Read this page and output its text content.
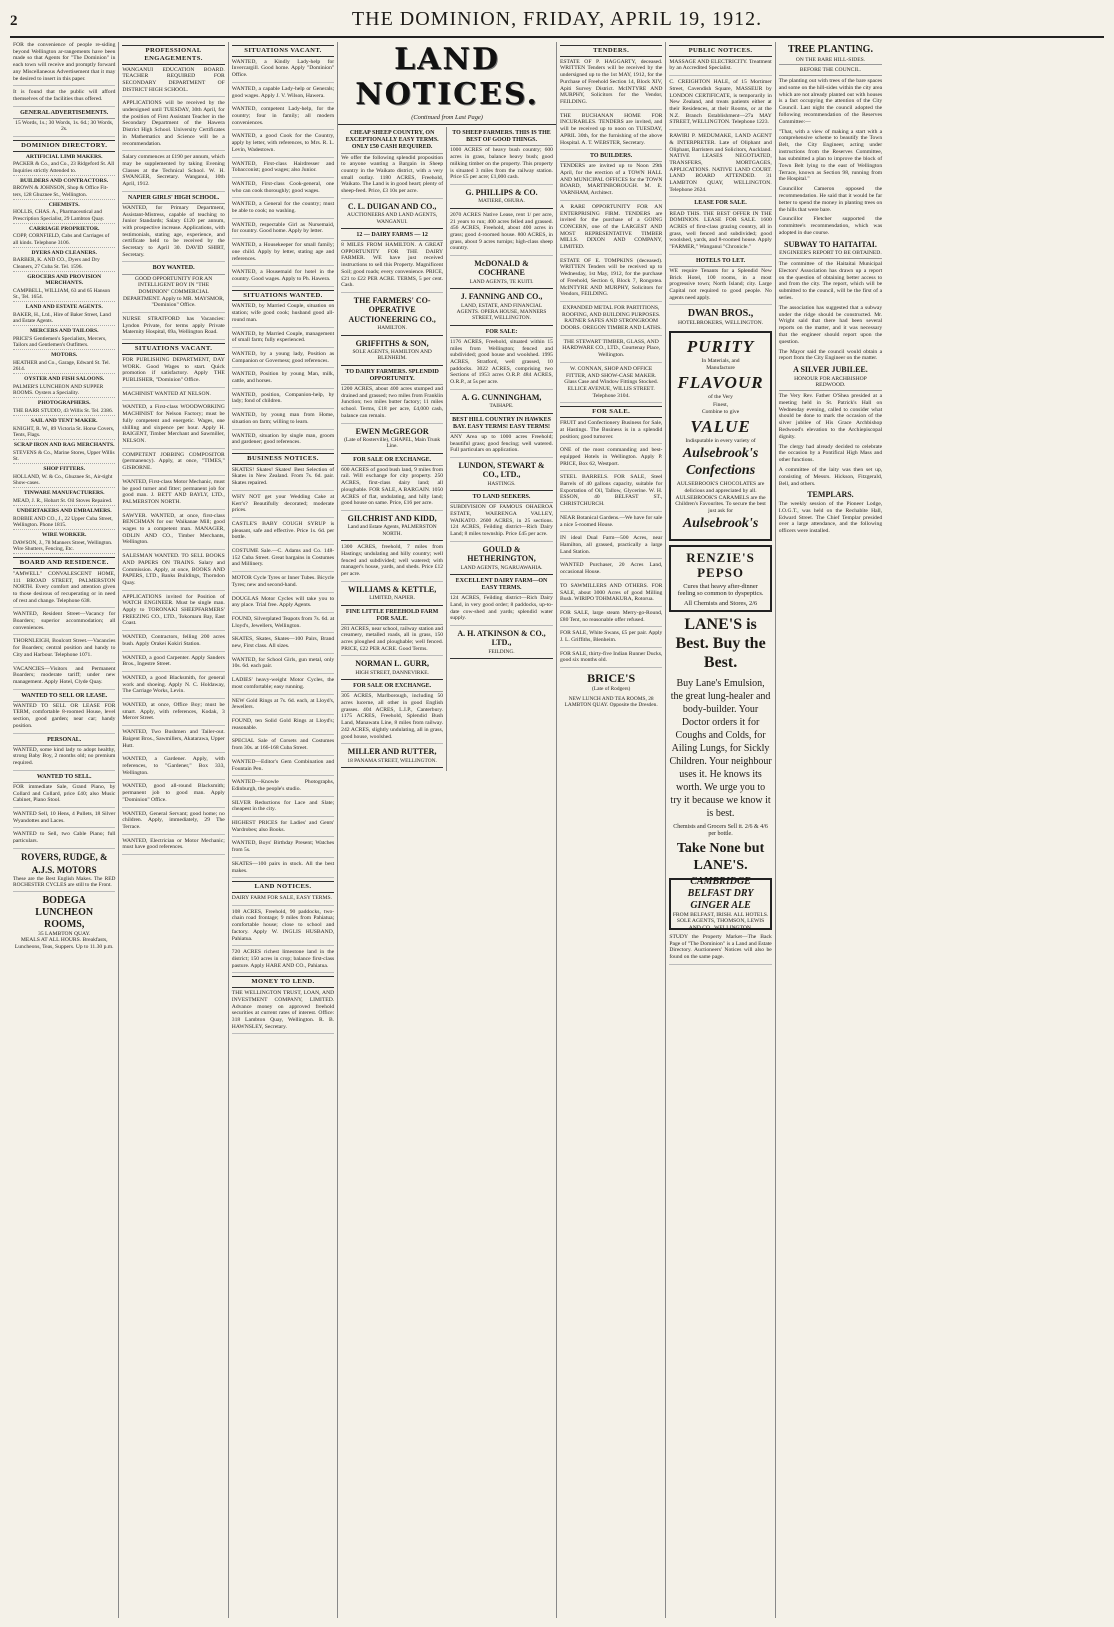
2	THE DOMINION, FRIDAY, APRIL 19, 1912.
FOR the convenience of people re-siding beyond Wellington ar-rangements have been made so that Agents for "The Dominion" in each town will receive and promptly forward any Miscellaneous Advertisement that it may be desired to insert in this paper.
It is found that the public will afford themselves of the facilities thus offered.
GENERAL ADVERTISEMENTS.
15 Words, 1s.; 30 Words, 1s. 6d.; 30 Words, 2s.
DOMINION DIRECTORY.
ARTIFICIAL LIMB MAKERS.
PACKER & Co., and Co., 23 Ridgeford St. All Inquiries strictly Attended to.
BUILDERS AND CONTRACTORS.
BROWN & JOHNSON, Shop & Office Fit-ters, 128 Ghuznee St., Wellington.
CHEMISTS.
HOLLIS, CHAS. A., Pharmaceutical and Prescription Specialist, 29 Lambton Quay.
CARRIAGE PROPRIETOR.
COPP, CORNFIELD, Cabs and Carriages of all kinds. Telephone 3106.
DYERS AND CLEANERS.
BARBER, K. AND CO., Dyers and Dry Cleaners, 27 Cuba St. Tel. 1596.
GROCERS AND PROVISION MERCHANTS.
CAMPBELL, WILLIAM, 63 and 65 Hanson St., Tel. 1654.
LAND AND ESTATE AGENTS.
BAKER, H., Ltd., Hire of Baker Street, Land and Estate Agents.
MERCERS AND TAILORS.
PRICE'S Gentlemen's Specialists, Mercers, Tailors and Gentlemen's Outfitters.
MOTORS.
HEATHER and Co., Garage, Edward St. Tel. 2614.
OYSTER AND FISH SALOONS.
PALMER'S LUNCHEON AND SUPPER ROOMS. Oysters a Speciality.
PHOTOGRAPHERS.
THE BARR STUDIO, 43 Willis St. Tel. 2386.
SAIL AND TENT MAKER.
KNIGHT, R. W., 89 Victoria St. Horse Covers, Tents, Flags.
SCRAP IRON AND RAG MERCHANTS.
STEVENS & Co., Marine Stores, Upper Willis St.
SHOP FITTERS.
HOLLAND, W. & Co., Ghuznee St., Air-tight Show-cases.
TINWARE MANUFACTURERS.
MEAD, J. R., Hobart St. Oil Stoves Repaired.
UNDERTAKERS AND EMBALMERS.
ROBBIE AND CO., J., 22 Upper Cuba Street, Wellington. Phone 1815.
WIRE WORKER.
DAWSON, J., 78 Manners Street, Wellington. Wire Shutters, Fencing, Etc.
BOARD AND RESIDENCE.
"AMWELL" CONVALESCENT HOME, 111 BROAD STREET, PALMERSTON NORTH. Every comfort and attention given to those desirous of recuperating or in need of rest and change. Telephone 638.
WANTED, Resident Street—Vacancy for Boarders; superior accommodation; all conveniences.
THORNLEIGH, Boulcott Street.—Vacancies for Boarders; central position and handy to City and Harbour. Telephone 1071.
VACANCIES—Visitors and Permanent Boarders; moderate tariff; under new management. Apply Hotel, Clyde Quay.
WANTED TO SELL OR LEASE.
WANTED TO SELL OR LEASE FOR TERM, comfortable 8-roomed House, level section, good garden; near car; handy position.
PERSONAL.
WANTED, some kind lady to adopt healthy, strong Baby Boy, 2 months old; no premium required.
WANTED TO SELL.
FOR immediate Sale, Grand Piano, by Collard and Collard, price £40; also Music Cabinet, Piano Stool.
WANTED Sell, 10 Hens, 4 Pullets, 18 Silver Wyandottes and Laces.
WANTED to Sell, two Cable Piano; full particulars.
ROVERS, RUDGE, &
A.J.S. MOTORS
These are the Best English Makes. The RED ROCHESTER CYCLES are still to the Front.
BODEGA LUNCHEON
ROOMS,
35 LAMBTON QUAY.
MEALS AT ALL HOURS. Breakfasts, Luncheons, Teas, Suppers. Up to 11.30 p.m.
PROFESSIONAL ENGAGEMENTS.
WANGANUI EDUCATION BOARD. TEACHER REQUIRED FOR SECONDARY DEPARTMENT OF DISTRICT HIGH SCHOOL.
APPLICATIONS will be received by the undersigned until TUESDAY, 30th April, for the position of First Assistant Teacher in the Secondary Department of the Hawera District High School. University Certificates in Mathematics and Science will be a recommendation.
Salary commences at £190 per annum, which may be supplemented by taking Evening Classes at the Technical School. W. H. SWANGER, Secretary. Wanganui, 10th April, 1912.
NAPIER GIRLS' HIGH SCHOOL.
WANTED, for Primary Department, Assistant-Mistress, capable of teaching to Junior Standards; Salary £120 per annum, with prospective increase. Applications, with testimonials, stating age, experience, and certificate held to be received by the Secretary to April 30. DAVID SHIRT, Secretary.
BOY WANTED.
GOOD OPPORTUNITY FOR AN INTELLIGENT BOY IN "THE DOMINION" COMMERCIAL DEPARTMENT. Apply to MR. MAYSMOR, "Dominion" Office.
NURSE STRATFORD has Vacancies: Lyndon Private, for terms apply Private Maternity Hospital, 69a, Wellington Road.
SITUATIONS VACANT.
FOR PUBLISHING DEPARTMENT, DAY WORK. Good Wages to start. Quick promotion if satisfactory. Apply THE PUBLISHER, "Dominion" Office.
MACHINIST WANTED AT NELSON.
WANTED, a First-class WOODWORKING MACHINIST for Nelson Factory; must be fully competent and energetic. Wages, one shilling and sixpence per hour. Apply H. BAIGENT, Timber Merchant and Sawmiller, NELSON.
COMPETENT JOBBING COMPOSITOR (permanency). Apply, at once, "TIMES," GISBORNE.
WANTED, First-class Motor Mechanic, must be good turner and fitter; permanent job for good man. J. BETT AND BAYLY, LTD., PALMERSTON NORTH.
SAWYER. WANTED, at once, first-class BENCHMAN for our Waikanae Mill; good wages to a competent man. MANAGER, ODLIN AND CO., Timber Merchants, Wellington.
SALESMAN WANTED. TO SELL BOOKS AND PAPERS ON TRAINS. Salary and Commission. Apply, at once, BOOKS AND PAPERS, LTD., Banks Buildings, Thorndon Quay.
APPLICATIONS invited for Position of WATCH ENGINEER. Must be single man. Apply to TORONAKI SHEEPFARMERS' FREEZING CO., LTD., Tokomaru Bay, East Coast.
WANTED, Contractors, felling 200 acres bush. Apply Orakei Kokiri Station.
WANTED, a good Carpenter. Apply Sanders Bros., Ingestre Street.
WANTED, a good Blacksmith, for general work and shoeing. Apply N. C. Holdaway, The Carriage Works, Levin.
WANTED, at once, Office Boy; must be smart. Apply, with references, Kodak, 3 Mercer Street.
WANTED, Two Bushmen and Tailer-out. Baigent Bros., Sawmillers, Akatarawa, Upper Hutt.
WANTED, a Gardener. Apply, with references, to "Gardener," Box 333, Wellington.
WANTED, good all-round Blacksmith; permanent job to good man. Apply "Dominion" Office.
WANTED, General Servant; good home; no children. Apply, immediately, 29 The Terrace.
WANTED, Electrician or Motor Mechanic; must have good references.
SITUATIONS VACANT.
WANTED, a Kindly Lady-help for Invercargill. Good home. Apply "Dominion" Office.
WANTED, a capable Lady-help or Generals; good wages. Apply J. V. Wilson, Hawera.
WANTED, competent Lady-help, for the country; four in family; all modern conveniences.
WANTED, a good Cook for the Country, apply by letter, with references, to Mrs. R. L. Levin, Wadestown.
WANTED, First-class Hairdresser and Tobacconist; good wages; also Junior.
WANTED, First-class Cook-general, one who can cook thoroughly; good wages.
WANTED, a General for the country; must be able to cook; no washing.
WANTED, respectable Girl as Nursemaid, for country. Good home. Apply by letter.
WANTED, a Housekeeper for small family; one child. Apply by letter, stating age and references.
WANTED, a Housemaid for hotel in the country. Good wages. Apply to Ph. Hawera.
SITUATIONS WANTED.
WANTED, by Married Couple, situation on station; wife good cook; husband good all-round man.
WANTED, by Married Couple, management of small farm; fully experienced.
WANTED, by a young lady, Position as Companion or Governess; good references.
WANTED, Position by young Man, milk, cattle, and horses.
WANTED, position, Companion-help, by lady; fond of children.
WANTED, by young man from Home, situation on farm; willing to learn.
WANTED, situation by single man, groom and gardener; good references.
BUSINESS NOTICES.
SKATES! Skates! Skates! Best Selection of Skates in New Zealand. From 7s. 6d. pair. Skates repaired.
WHY NOT get your Wedding Cake at Kerr's? Beautifully decorated; moderate prices.
CASTLE'S BABY COUGH SYRUP is pleasant, safe and effective. Price 1s. 6d. per bottle.
COSTUME Sale.—C. Adams and Co. 148-152 Cuba Street. Great bargains in Costumes and Millinery.
MOTOR Cycle Tyres or Inner Tubes. Bicycle Tyres; new and second-hand.
DOUGLAS Motor Cycles will take you to any place. Trial free. Apply Agents.
FOUND, Silverplated Teapots from 7s. 6d. at Lloyd's, Jewellers, Wellington.
SKATES, Skates, Skates—100 Pairs, Brand new, First class. All sizes.
WANTED, for School Girls, gun metal, only 10s. 6d. each pair.
LADIES' heavy-weight Motor Cycles, the most comfortable; easy running.
NEW Gold Rings at 7s. 6d. each, at Lloyd's, Jewellers.
FOUND, ten Solid Gold Rings at Lloyd's; reasonable.
SPECIAL Sale of Corsets and Costumes from 30s. at 166-168 Cuba Street.
WANTED—Editor's Gem Combination and Fountain Pen.
WANTED—Knowle Photographs, Edinburgh, the people's studio.
SILVER Reductions for Lace and Slate; cheapest in the city.
HIGHEST PRICES for Ladies' and Gents' Wardrobes; also Books.
WANTED, Boys' Birthday Present; Watches from 5s.
SKATES—100 pairs in stock. All the best makes.
LAND NOTICES.
DAIRY FARM FOR SALE, EASY TERMS.
108 ACRES, Freehold, 90 paddocks, two-chain road frontage; 9 miles from Pahiatua; comfortable house; close to school and factory. Apply W. INGLIS HUSBAND, Pahiatua.
720 ACRES richest limestone land in the district; 150 acres in crop; balance first-class pasture. Apply HARE AND CO., Pahiatua.
MONEY TO LEND.
THE WELLINGTON TRUST, LOAN, AND INVESTMENT COMPANY, LIMITED. Advance money on approved freehold securities at current rates of interest. Office: 318 Lambton Quay, Wellington. R. B. HAWNSLEY, Secretary.
LAND NOTICES.
(Continued from Last Page)
CHEAP SHEEP COUNTRY, ON EXCEPTIONALLY EASY TERMS. ONLY £50 CASH REQUIRED.
We offer the following splendid proposition to anyone wanting a Bargain in Sheep country in the Waikato district, with a very small outlay. 1180 ACRES, Freehold, Waikato. The Land is in good heart; plenty of sheep-feed. Price, £3 10s per acre.
C. L. DUIGAN AND CO.,
AUCTIONEERS AND LAND AGENTS, WANGANUI.
12 — DAIRY FARMS — 12
8 MILES FROM HAMILTON. A GREAT OPPORTUNITY FOR THE DAIRY FARMER. WE have just received instructions to sell this Property. Magnificent Soil; good roads; every convenience. PRICE, £21 to £22 PER ACRE. TERMS, 5 per cent. Cash.
THE FARMERS' CO-OPERATIVE AUCTIONEERING CO.,
HAMILTON.
GRIFFITHS & SON,
SOLE AGENTS, HAMILTON AND BLENHEIM.
TO DAIRY FARMERS. SPLENDID OPPORTUNITY.
1200 ACRES, about 400 acres stumped and drained and grassed; two miles from Franklin Junction; two miles butter factory; 11 miles school. Terms, £18 per acre, £4,000 cash, balance can remain.
EWEN McGREGOR
(Late of Rosterville), CHAPEL, Main Trunk Line.
FOR SALE OR EXCHANGE.
600 ACRES of good bush land, 9 miles from rail. Will exchange for city property. 250 ACRES, first-class dairy land; all ploughable. FOR SALE, A BARGAIN. 1050 ACRES of flat, undulating, and hilly land; good house on same. Price, £16 per acre.
GILCHRIST AND KIDD,
Land and Estate Agents, PALMERSTON NORTH.
1300 ACRES, freehold, 7 miles from Hastings; undulating and hilly country; well fenced and subdivided; well watered; with manager's house, yards, and sheds. Price £12 per acre.
WILLIAMS & KETTLE,
LIMITED, NAPIER.
FINE LITTLE FREEHOLD FARM FOR SALE.
281 ACRES, near school, railway station and creamery, metalled roads, all in grass, 150 acres ploughed and ploughable; well fenced. PRICE, £22 PER ACRE. Good Terms.
NORMAN L. GURR,
HIGH STREET, DANNEVIRKE.
FOR SALE OR EXCHANGE.
305 ACRES, Marlborough, including 50 acres lucerne, all other in good English grasses. 404 ACRES, L.I.P., Canterbury. 1175 ACRES, Freehold, Splendid Bush Land, Manawatu Line, 8 miles from railway. 242 ACRES, slightly undulating, all in grass, good house, woolshed.
MILLER AND RUTTER,
18 PANAMA STREET, WELLINGTON.
TO SHEEP FARMERS. THIS IS THE BEST OF GOOD THINGS.
1000 ACRES of heavy bush country; 600 acres in grass, balance heavy bush; good milking timber on the property. This property is situated 3 miles from the railway station. Price £5 per acre; £1,000 cash.
G. PHILLIPS & CO.
MATIERE, OHURA.
2070 ACRES Native Lease, rent 1/ per acre, 21 years to run; 400 acres felled and grassed. 456 ACRES, Freehold, about 400 acres in grass; good 4-roomed house. 800 ACRES, in grass, about 9 acres turnips; high-class sheep country.
McDONALD & COCHRANE
LAND AGENTS, TE KUITI.
J. FANNING AND CO.,
LAND, ESTATE, AND FINANCIAL AGENTS. OPERA HOUSE, MANNERS STREET, WELLINGTON.
FOR SALE:
1176 ACRES, Freehold, situated within 15 miles from Wellington; fenced and subdivided; good house and woolshed. 1995 ACRES, Stratford, well grassed, 10 paddocks. 3022 ACRES, comprising two Sections of 1953 acres O.R.P. 484 ACRES, O.R.P., at 5s per acre.
A. G. CUNNINGHAM,
TAIHAPE.
BEST HILL COUNTRY IN HAWKES BAY. EASY TERMS! EASY TERMS!
ANY Area up to 1000 acres Freehold; beautiful grass; good fencing; well watered. Full particulars on application.
LUNDON, STEWART & CO., LTD.,
HASTINGS.
TO LAND SEEKERS.
SUBDIVISION OF FAMOUS OHAEROA ESTATE, WAERENGA VALLEY, WAIKATO. 2600 ACRES, in 25 sections. 124 ACRES, Feilding district—Rich Dairy Land; 8 miles township. Price £45 per acre.
GOULD & HETHERINGTON,
LAND AGENTS, NGARUAWAHIA.
EXCELLENT DAIRY FARM—ON EASY TERMS.
124 ACRES, Feilding district—Rich Dairy Land, in very good order; 8 paddocks, up-to-date cow-shed and yards; splendid water supply.
A. H. ATKINSON & CO., LTD.,
FEILDING.
TENDERS.
ESTATE OF P. HAGGARTY, deceased. WRITTEN Tenders will be received by the undersigned up to the 1st MAY, 1912, for the Purchase of Freehold Section 14, Block XIV, Apiti Survey District. McINTYRE AND MURPHY, Solicitors for the Vendor, FEILDING.
THE BUCHANAN HOME FOR INCURABLES. TENDERS are invited, and will be received up to noon on TUESDAY, APRIL 30th, for the furnishing of the above Hospital. A. T. WEBSTER, Secretary.
TO BUILDERS.
TENDERS are invited up to Noon 29th April, for the erection of a TOWN HALL AND MUNICIPAL OFFICES for the TOWN BOARD, MARTINBOROUGH. M. E. VARNHAM, Architect.
A RARE OPPORTUNITY FOR AN ENTERPRISING FIRM. TENDERS are invited for the purchase of a GOING CONCERN, one of the LARGEST AND MOST REPRESENTATIVE TIMBER MILLS. DIXON AND COMPANY, LIMITED.
ESTATE OF E. TOMPKINS (deceased). WRITTEN Tenders will be received up to Wednesday, 1st May, 1912, for the purchase of Freehold, Section 6, Block 7, Rongotea. McINTYRE AND MURPHY, Solicitors for Vendors, FEILDING.
EXPANDED METAL FOR PARTITIONS, ROOFING, AND BUILDING PURPOSES. RATNER SAFES AND STRONGROOM DOORS. OREGON TIMBER AND LATHS.
THE STEWART TIMBER, GLASS, AND HARDWARE CO., LTD., Courtenay Place, Wellington.
W. CONNAN, SHOP AND OFFICE FITTER, AND SHOW-CASE MAKER. Glass Case and Window Fittings Stocked. ELLICE AVENUE, WILLIS STREET. Telephone 3104.
FOR SALE.
FRUIT and Confectionery Business for Sale, at Hastings. The Business is in a splendid position; good turnover.
ONE of the most commanding and best-equipped Hotels in Wellington. Apply P. PRICE, Box 62, Westport.
STEEL BARRELS. FOR SALE, Steel Barrels of 40 gallons capacity, suitable for Exportation of Oil, Tallow, Glycerine. W. H. ESSON, 40 BELFAST ST., CHRISTCHURCH.
NEAR Botanical Gardens.—We have for sale a nice 5-roomed House.
IN ideal Dual Farm—500 Acres, near Hamilton, all grassed, practically a large Land Station.
WANTED Purchaser, 20 Acres Land, occasional House.
TO SAWMILLERS AND OTHERS. FOR SALE, about 3000 Acres of good Milling Bush. WIRIPO TOHMAKURA, Rotorua.
FOR SALE, large steam Merry-go-Round, £80 Tent, no reasonable offer refused.
FOR SALE, White Swans, £5 per pair. Apply J. L. Griffiths, Blenheim.
FOR SALE, thirty-five Indian Runner Ducks, good six months old.
BRICE'S
(Late of Rodgers)
NEW LUNCH AND TEA ROOMS, 28 LAMBTON QUAY. Opposite the Dresden.
PUBLIC NOTICES.
MASSAGE AND ELECTRICITY. Treatment by an Accredited Specialist.
C. CREIGHTON HALE, of 15 Mortimer Street, Cavendish Square, MASSEUR by LONDON CERTIFICATE, is temporarily in New Zealand, and treats patients either at their Residences, at their Rooms, or at the N.Z. Branch Establishment—27a MAY STREET, WELLINGTON. Telephone 1223.
RAWIRI P. MEDUMAKE, LAND AGENT & INTERPRETER. Late of Oliphant and Oliphant, Barristers and Solicitors, Auckland. NATIVE LEASES NEGOTIATED, TRANSFERS, MORTGAGES, APPLICATIONS. NATIVE LAND COURT. LAND BOARD ATTENDED. 31 LAMBTON QUAY, WELLINGTON. Telephone 2624.
LEASE FOR SALE.
READ THIS. THE BEST OFFER IN THE DOMINION. LEASE FOR SALE. 1600 ACRES of first-class grazing country, all in grass, well fenced and subdivided; good woolshed, yards, and 8-roomed house. Apply "FARMER," Wanganui "Chronicle."
HOTELS TO LET.
WE require Tenants for a Splendid New Brick Hotel, 100 rooms, in a most progressive town; North Island; city. Large Capital not required to good people. No agents need apply.
DWAN BROS.,
HOTELBROKERS, WELLINGTON.
PURITY
In Materials, and
Manufacture
FLAVOUR
of the Very
Finest,
Combine to give
VALUE
Indisputable in every variety of
Aulsebrook's Confections
AULSEBROOK'S CHOCOLATES are delicious and appreciated by all. AULSEBROOK'S CARAMELS are the Children's Favourites. To secure the best just ask for
Aulsebrook's
RENZIE'S
PEPSO
Cures that heavy after-dinner feeling so common to dyspeptics.
All Chemists and Stores, 2/6
LANE'S is Best. Buy the Best.
Buy Lane's Emulsion, the great lung-healer and body-builder. Your Doctor orders it for Coughs and Colds, for Ailing Lungs, for Sickly Children. Your neighbour uses it. He knows its worth. We urge you to try it because we know it is best.
Chemists and Grocers Sell it. 2/6 & 4/6 per bottle.
Take None but LANE'S.
CAMBRIDGE BELFAST DRY GINGER ALE
FROM BELFAST, IRISH. ALL HOTELS. SOLE AGENTS, THOMSON, LEWIS AND CO., WELLINGTON.
STUDY the Property Market—The Back Page of "The Dominion" is a Land and Estate Directory. Auctioneers' Notices will also be found on the same page.
TREE PLANTING.
ON THE BARE HILL-SIDES.
BEFORE THE COUNCIL.
The planting out with trees of the bare spaces and some on the hill-sides within the city area which are not already planted out with houses is a fact occupying the attention of the City Council. Last night the council adopted the following recommendation of the Reserves Committee:—
"That, with a view of making a start with a comprehensive scheme to beautify the Town Belt, the City Engineer, acting under instructions from the Reserves Committee, has submitted a plan to improve the block of Town Belt lying to the east of Wellington Terrace, known as Section 98, running from the Hospital."
Councillor Cameron opposed the recommendation. He said that it would be far better to spend the money in planting trees on the hills that were bare.
Councillor Fletcher supported the committee's recommendation, which was adopted in due course.
SUBWAY TO HAITAITAI.
ENGINEER'S REPORT TO BE OBTAINED.
The committee of the Haitaitai Municipal Electors' Association has drawn up a report on the question of obtaining better access to and from the city. The report, which will be submitted to the council, will be the first of a series.
The association has suggested that a subway under the ridge should be constructed. Mr. Wright said that there had been several reports on the matter, and it was necessary that the engineer should report upon the question.
The Mayor said the council would obtain a report from the City Engineer on the matter.
A SILVER JUBILEE.
HONOUR FOR ARCHBISHOP REDWOOD.
The Very Rev. Father O'Shea presided at a meeting held in St. Patrick's Hall on Wednesday evening, called to consider what should be done to mark the occasion of the silver jubilee of His Grace Archbishop Redwood's elevation to the Archiepiscopal dignity.
The clergy had already decided to celebrate the occasion by a Pontifical High Mass and other functions.
A committee of the laity was then set up, consisting of Messrs. Hickson, Fitzgerald, Bell, and others.
TEMPLARS.
The weekly session of the Pioneer Lodge, I.O.G.T., was held on the Rechabite Hall, Edward Street. The Chief Templar presided over a large attendance, and the following officers were installed.
